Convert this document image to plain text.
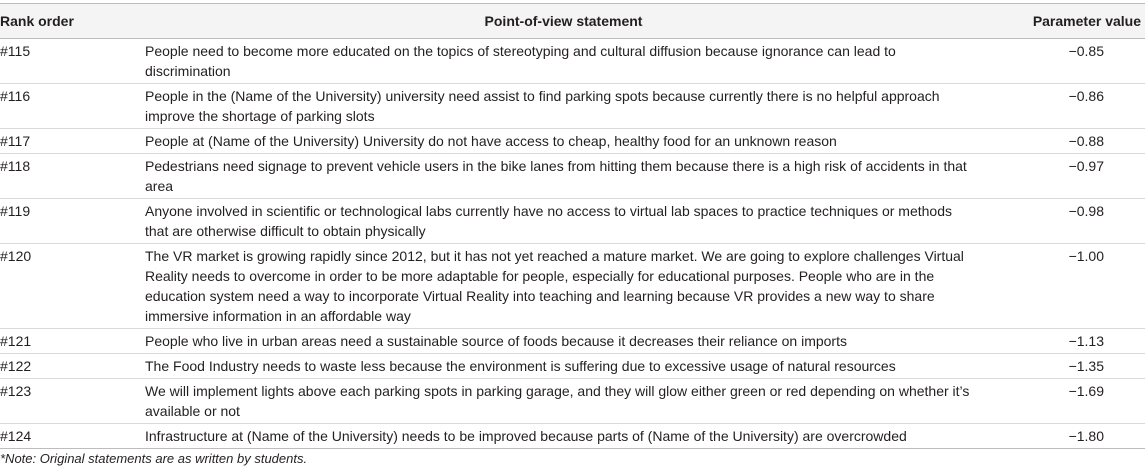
Rank order	Point-of-view statement	Parameter value
#115	People need to become more educated on the topics of stereotyping and cultural diffusion because ignorance can lead to discrimination	−0.85
#116	People in the (Name of the University) university need assist to find parking spots because currently there is no helpful approach improve the shortage of parking slots	−0.86
#117	People at (Name of the University) University do not have access to cheap, healthy food for an unknown reason	−0.88
#118	Pedestrians need signage to prevent vehicle users in the bike lanes from hitting them because there is a high risk of accidents in that area	−0.97
#119	Anyone involved in scientific or technological labs currently have no access to virtual lab spaces to practice techniques or methods that are otherwise difficult to obtain physically	−0.98
#120	The VR market is growing rapidly since 2012, but it has not yet reached a mature market. We are going to explore challenges Virtual Reality needs to overcome in order to be more adaptable for people, especially for educational purposes. People who are in the education system need a way to incorporate Virtual Reality into teaching and learning because VR provides a new way to share immersive information in an affordable way	−1.00
#121	People who live in urban areas need a sustainable source of foods because it decreases their reliance on imports	−1.13
#122	The Food Industry needs to waste less because the environment is suffering due to excessive usage of natural resources	−1.35
#123	We will implement lights above each parking spots in parking garage, and they will glow either green or red depending on whether it’s available or not	−1.69
#124	Infrastructure at (Name of the University) needs to be improved because parts of (Name of the University) are overcrowded	−1.80
*Note: Original statements are as written by students.
